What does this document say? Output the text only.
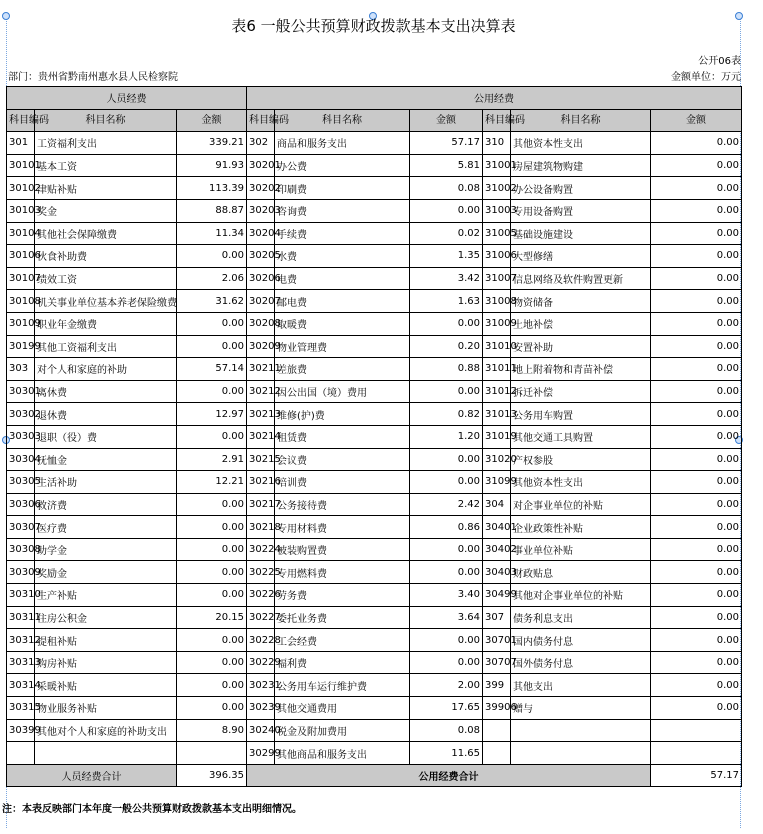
表6 一般公共预算财政拨款基本支出决算表
公开06表
部门：贵州省黔南州惠水县人民检察院	金额单位：万元
人员经费			公用经费					
科目编码	科目名称	金额	科目编码	科目名称	金额	科目编码	科目名称	金额
301	工资福利支出	339.21	302	商品和服务支出	57.17	310	其他资本性支出	0.00
30101	基本工资	91.93	30201	办公费	5.81	31001	房屋建筑物购建	0.00
30102	津贴补贴	113.39	30202	印刷费	0.08	31002	办公设备购置	0.00
30103	奖金	88.87	30203	咨询费	0.00	31003	专用设备购置	0.00
30104	其他社会保障缴费	11.34	30204	手续费	0.02	31005	基础设施建设	0.00
30106	伙食补助费	0.00	30205	水费	1.35	31006	大型修缮	0.00
30107	绩效工资	2.06	30206	电费	3.42	31007	信息网络及软件购置更新	0.00
30108	机关事业单位基本养老保险缴费	31.62	30207	邮电费	1.63	31008	物资储备	0.00
30109	职业年金缴费	0.00	30208	取暖费	0.00	31009	土地补偿	0.00
30199	其他工资福利支出	0.00	30209	物业管理费	0.20	31010	安置补助	0.00
303	对个人和家庭的补助	57.14	30211	差旅费	0.88	31011	地上附着物和青苗补偿	0.00
30301	离休费	0.00	30212	因公出国（境）费用	0.00	31012	拆迁补偿	0.00
30302	退休费	12.97	30213	维修(护)费	0.82	31013	公务用车购置	0.00
30303	退职（役）费	0.00	30214	租赁费	1.20	31019	其他交通工具购置	0.00
30304	抚恤金	2.91	30215	会议费	0.00	31020	产权参股	0.00
30305	生活补助	12.21	30216	培训费	0.00	31099	其他资本性支出	0.00
30306	救济费	0.00	30217	公务接待费	2.42	304	对企事业单位的补贴	0.00
30307	医疗费	0.00	30218	专用材料费	0.86	30401	企业政策性补贴	0.00
30308	助学金	0.00	30224	被装购置费	0.00	30402	事业单位补贴	0.00
30309	奖励金	0.00	30225	专用燃料费	0.00	30403	财政贴息	0.00
30310	生产补贴	0.00	30226	劳务费	3.40	30499	其他对企事业单位的补贴	0.00
30311	住房公积金	20.15	30227	委托业务费	3.64	307	债务利息支出	0.00
30312	提租补贴	0.00	30228	工会经费	0.00	30701	国内债务付息	0.00
30313	购房补贴	0.00	30229	福利费	0.00	30707	国外债务付息	0.00
30314	采暖补贴	0.00	30231	公务用车运行维护费	2.00	399	其他支出	0.00
30315	物业服务补贴	0.00	30239	其他交通费用	17.65	39906	赠与	0.00
30399	其他对个人和家庭的补助支出	8.90	30240	税金及附加费用	0.08			
			30299	其他商品和服务支出	11.65			
人员经费合计		396.35	公用经费合计					57.17
注：本表反映部门本年度一般公共预算财政拨款基本支出明细情况。
